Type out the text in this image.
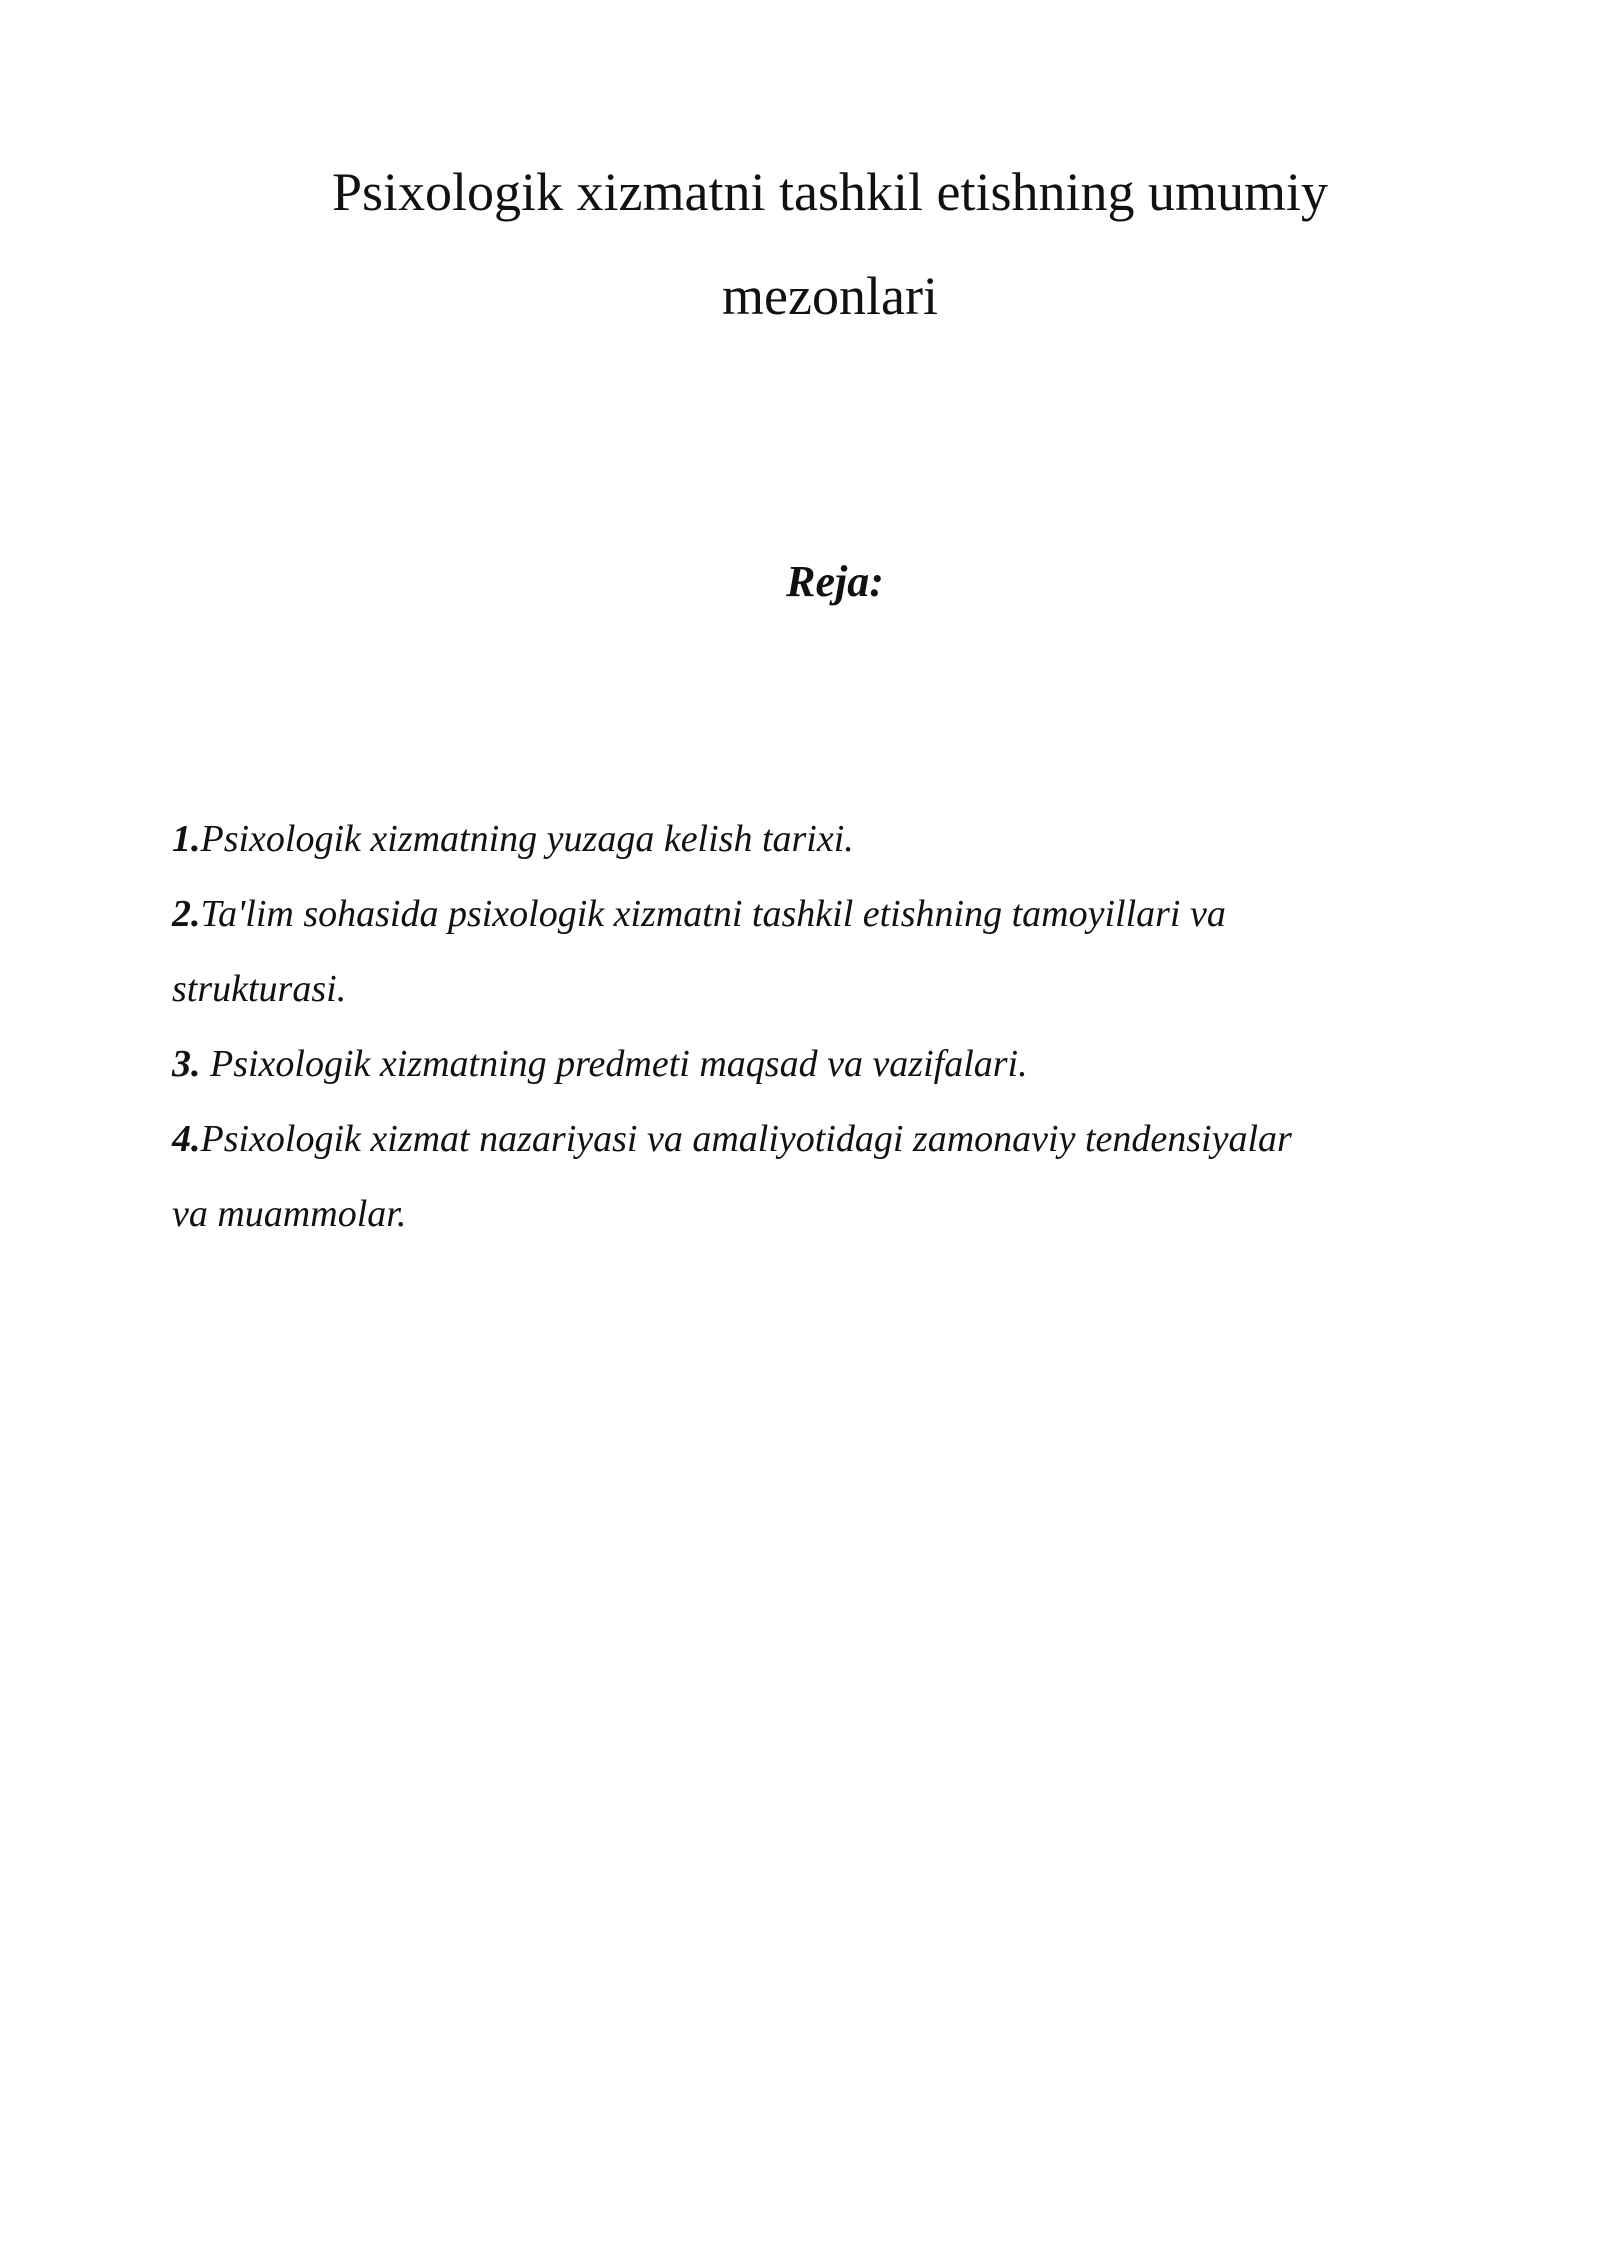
Psixologik xizmatni tashkil etishning umumiy
mezonlari
Reja:
1.Psixologik xizmatning yuzaga kelish tarixi.
2.Ta'lim sohasida psixologik xizmatni tashkil etishning tamoyillari va
strukturasi.
3. Psixologik xizmatning predmeti maqsad va vazifalari.
4.Psixologik xizmat nazariyasi va amaliyotidagi zamonaviy tendensiyalar
va muammolar.
